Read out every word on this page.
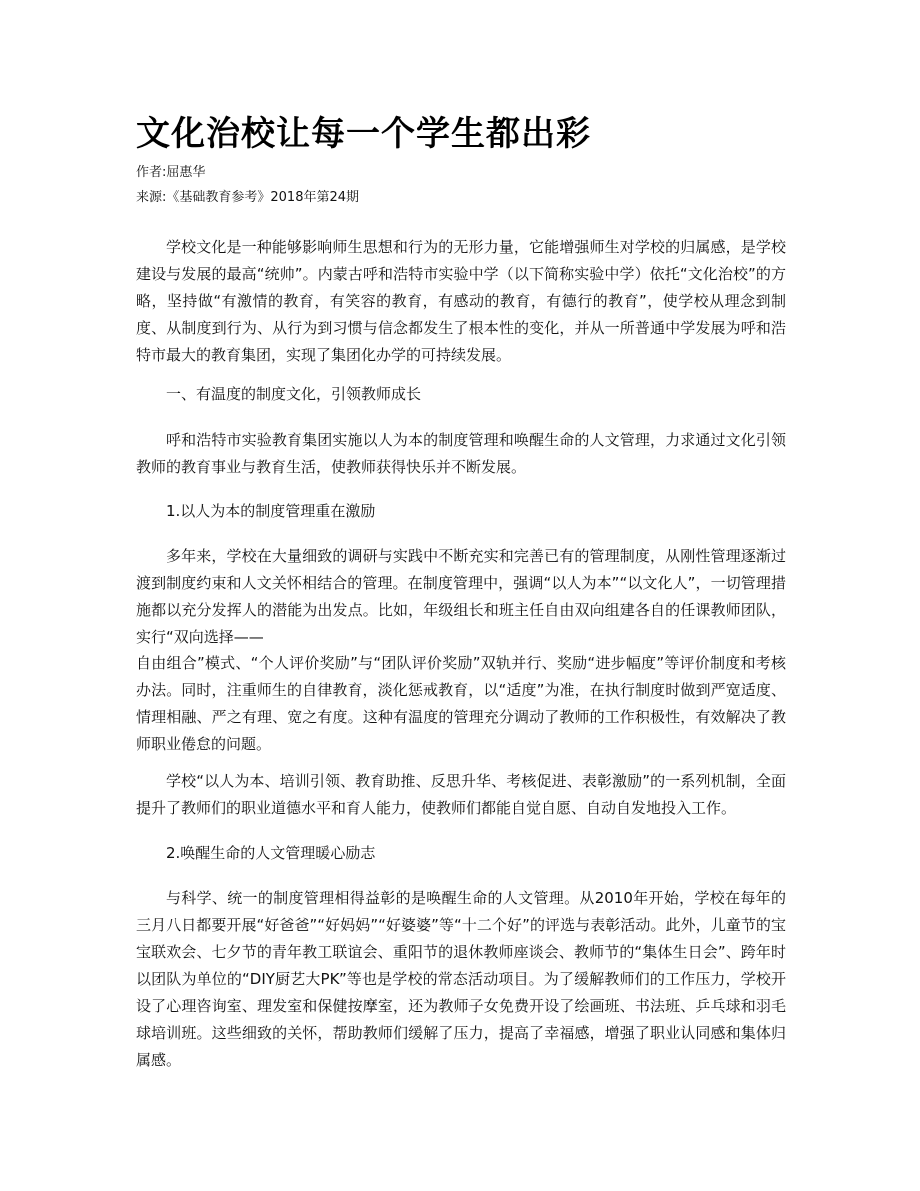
文化治校让每一个学生都出彩
作者:屈惠华
来源:《基础教育参考》2018年第24期

学校文化是一种能够影响师生思想和行为的无形力量，它能增强师生对学校的归属感，是学校建设与发展的最高“统帅”。内蒙古呼和浩特市实验中学（以下简称实验中学）依托“文化治校”的方略，坚持做“有激情的教育，有笑容的教育，有感动的教育，有德行的教育”，使学校从理念到制度、从制度到行为、从行为到习惯与信念都发生了根本性的变化，并从一所普通中学发展为呼和浩特市最大的教育集团，实现了集团化办学的可持续发展。

一、有温度的制度文化，引领教师成长

呼和浩特市实验教育集团实施以人为本的制度管理和唤醒生命的人文管理，力求通过文化引领教师的教育事业与教育生活，使教师获得快乐并不断发展。

1.以人为本的制度管理重在激励

多年来，学校在大量细致的调研与实践中不断充实和完善已有的管理制度，从刚性管理逐渐过渡到制度约束和人文关怀相结合的管理。在制度管理中，强调“以人为本”“以文化人”，一切管理措施都以充分发挥人的潜能为出发点。比如，年级组长和班主任自由双向组建各自的任课教师团队，实行“双向选择——

自由组合”模式、“个人评价奖励”与“团队评价奖励”双轨并行、奖励“进步幅度”等评价制度和考核办法。同时，注重师生的自律教育，淡化惩戒教育，以“适度”为准，在执行制度时做到严宽适度、情理相融、严之有理、宽之有度。这种有温度的管理充分调动了教师的工作积极性，有效解决了教师职业倦怠的问题。

学校“以人为本、培训引领、教育助推、反思升华、考核促进、表彰激励”的一系列机制，全面提升了教师们的职业道德水平和育人能力，使教师们都能自觉自愿、自动自发地投入工作。

2.唤醒生命的人文管理暖心励志

与科学、统一的制度管理相得益彰的是唤醒生命的人文管理。从2010年开始，学校在每年的三月八日都要开展“好爸爸”“好妈妈”“好婆婆”等“十二个好”的评选与表彰活动。此外，儿童节的宝宝联欢会、七夕节的青年教工联谊会、重阳节的退休教师座谈会、教师节的“集体生日会”、跨年时以团队为单位的“DIY厨艺大PK”等也是学校的常态活动项目。为了缓解教师们的工作压力，学校开设了心理咨询室、理发室和保健按摩室，还为教师子女免费开设了绘画班、书法班、乒乓球和羽毛球培训班。这些细致的关怀，帮助教师们缓解了压力，提高了幸福感，增强了职业认同感和集体归属感。
